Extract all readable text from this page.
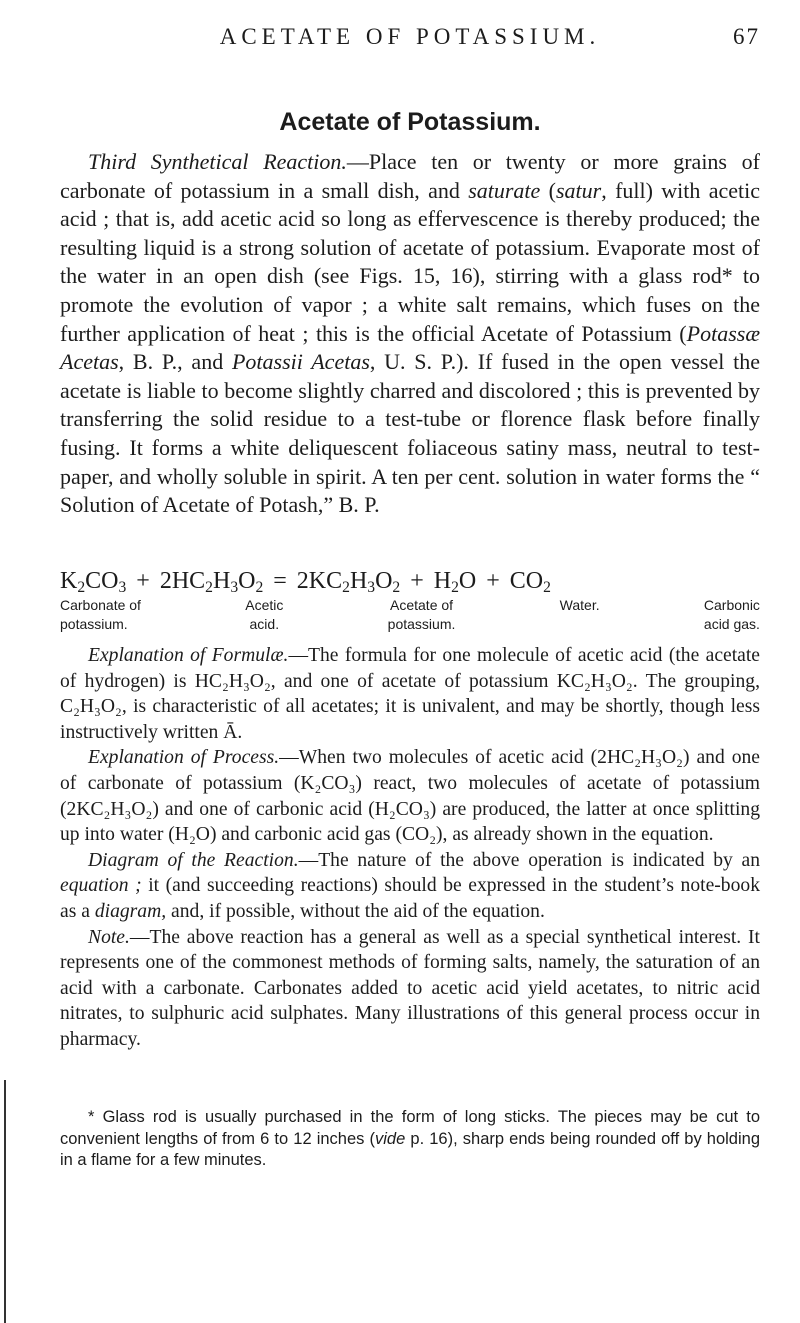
ACETATE OF POTASSIUM.	67
Acetate of Potassium.

Third Synthetical Reaction.—Place ten or twenty or more grains of carbonate of potassium in a small dish, and saturate (satur, full) with acetic acid ; that is, add acetic acid so long as effervescence is thereby produced; the resulting liquid is a strong solution of acetate of potassium. Evaporate most of the water in an open dish (see Figs. 15, 16), stirring with a glass rod* to promote the evolution of vapor ; a white salt remains, which fuses on the further application of heat ; this is the official Acetate of Potassium (Potassæ Acetas, B. P., and Potassii Acetas, U. S. P.). If fused in the open vessel the acetate is liable to become slightly charred and discolored ; this is prevented by transferring the solid residue to a test-tube or florence flask before finally fusing. It forms a white deliquescent foliaceous satiny mass, neutral to test-paper, and wholly soluble in spirit. A ten per cent. solution in water forms the “ Solution of Acetate of Potash,” B. P.

$K_2CO_3 + 2HC_2H_3O_2 = 2KC_2H_3O_2 + H_2O + CO_2$
Carbonate of
potassium.
Acetic
acid.
Acetate of
potassium.
Water.	Carbonic
acid gas.

Explanation of Formulæ.—The formula for one molecule of acetic acid (the acetate of hydrogen) is HC₂H₃O₂, and one of acetate of potassium KC₂H₃O₂. The grouping, C₂H₃O₂, is characteristic of all acetates; it is univalent, and may be shortly, though less instructively written Ā.

Explanation of Process.—When two molecules of acetic acid (2HC₂H₃O₂) and one of carbonate of potassium (K₂CO₃) react, two molecules of acetate of potassium (2KC₂H₃O₂) and one of carbonic acid (H₂CO₃) are produced, the latter at once splitting up into water (H₂O) and carbonic acid gas (CO₂), as already shown in the equation.

Diagram of the Reaction.—The nature of the above operation is indicated by an equation ; it (and succeeding reactions) should be expressed in the student’s note-book as a diagram, and, if possible, without the aid of the equation.

Note.—The above reaction has a general as well as a special synthetical interest. It represents one of the commonest methods of forming salts, namely, the saturation of an acid with a carbonate. Carbonates added to acetic acid yield acetates, to nitric acid nitrates, to sulphuric acid sulphates. Many illustrations of this general process occur in pharmacy.

* Glass rod is usually purchased in the form of long sticks. The pieces may be cut to convenient lengths of from 6 to 12 inches (vide p. 16), sharp ends being rounded off by holding in a flame for a few minutes.
